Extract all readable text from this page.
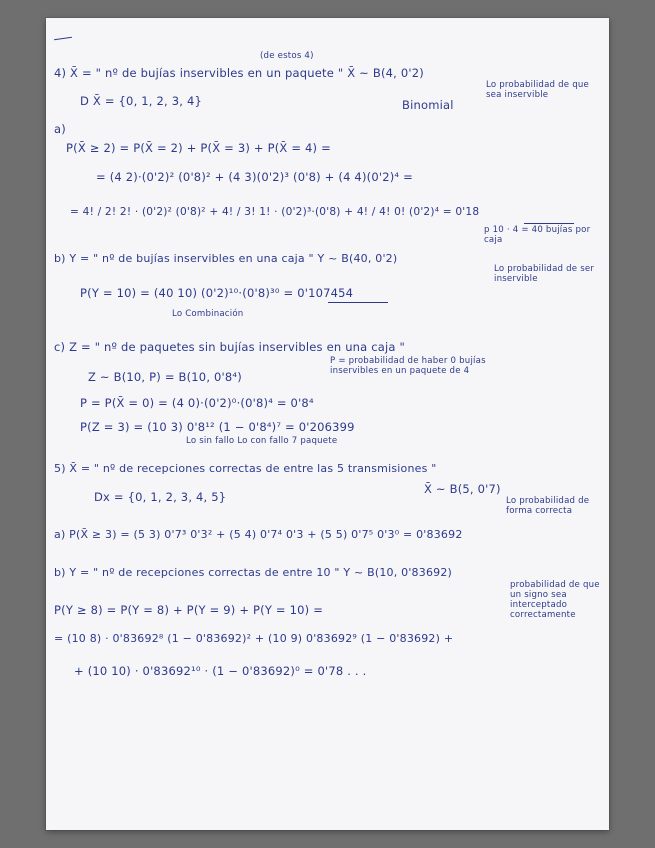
(de estos 4)
4) X̄ = " nº de bujías inservibles en un paquete " X̄ ~ B(4, 0'2)
Lo probabilidad de que sea inservible
Binomial
D X̄ = {0, 1, 2, 3, 4}
a)
P(X̄ ≥ 2) = P(X̄ = 2) + P(X̄ = 3) + P(X̄ = 4) =
= (4 2)·(0'2)² (0'8)² + (4 3)(0'2)³ (0'8) + (4 4)(0'2)⁴ =
= 4! / 2! 2! · (0'2)² (0'8)² + 4! / 3! 1! · (0'2)³·(0'8) + 4! / 4! 0! (0'2)⁴ = 0'18
p 10 · 4 = 40 bujías por caja
b) Y = " nº de bujías inservibles en una caja " Y ~ B(40, 0'2)
Lo probabilidad de ser inservible
P(Y = 10) = (40 10) (0'2)¹⁰·(0'8)³⁰ = 0'107454
Lo Combinación
c) Z = " nº de paquetes sin bujías inservibles en una caja "
P = probabilidad de haber 0 bujías inservibles en un paquete de 4
Z ~ B(10, P) = B(10, 0'8⁴)
P = P(X̄ = 0) = (4 0)·(0'2)⁰·(0'8)⁴ = 0'8⁴
P(Z = 3) = (10 3) 0'8¹² (1 − 0'8⁴)⁷ = 0'206399
Lo sin fallo Lo con fallo 7 paquete
5) X̄ = " nº de recepciones correctas de entre las 5 transmisiones "
Dx = {0, 1, 2, 3, 4, 5}
X̄ ~ B(5, 0'7)
Lo probabilidad de forma correcta
a) P(X̄ ≥ 3) = (5 3) 0'7³ 0'3² + (5 4) 0'7⁴ 0'3 + (5 5) 0'7⁵ 0'3⁰ = 0'83692
b) Y = " nº de recepciones correctas de entre 10 " Y ~ B(10, 0'83692)
probabilidad de que un signo sea interceptado correctamente
P(Y ≥ 8) = P(Y = 8) + P(Y = 9) + P(Y = 10) =
= (10 8) · 0'83692⁸ (1 − 0'83692)² + (10 9) 0'83692⁹ (1 − 0'83692) +
+ (10 10) · 0'83692¹⁰ · (1 − 0'83692)⁰ = 0'78 . . .
